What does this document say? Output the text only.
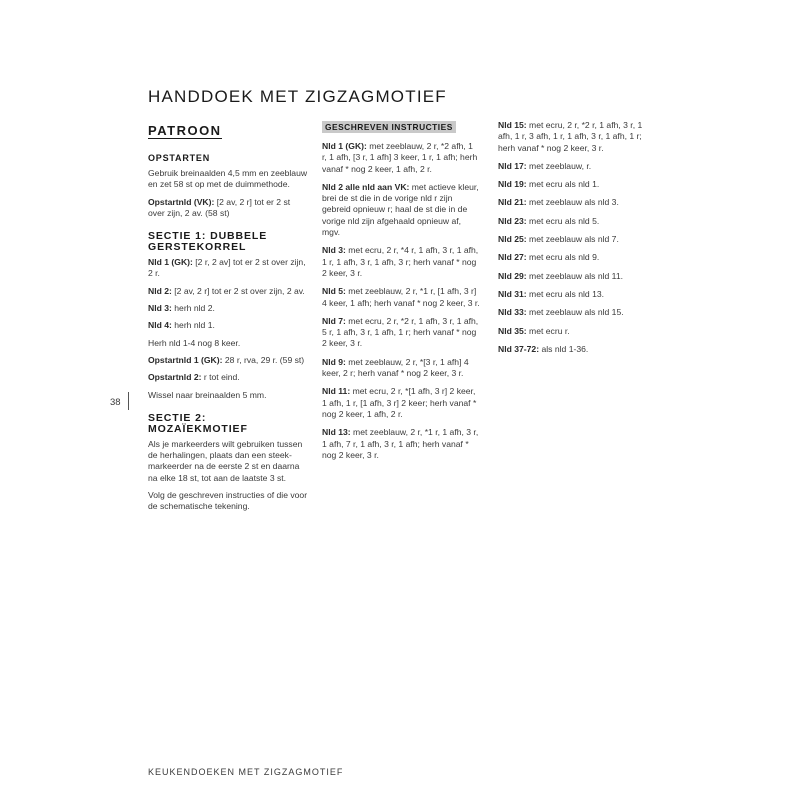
HANDDOEK MET ZIGZAGMOTIEF
PATROON
OPSTARTEN
Gebruik breinaalden 4,5 mm en zeeblauw en zet 58 st op met de duimmethode.
Opstartnld (VK): [2 av, 2 r] tot er 2 st over zijn, 2 av. (58 st)
SECTIE 1: DUBBELE GERSTEKORREL
Nld 1 (GK): [2 r, 2 av] tot er 2 st over zijn, 2 r.
Nld 2: [2 av, 2 r] tot er 2 st over zijn, 2 av.
Nld 3: herh nld 2.
Nld 4: herh nld 1.
Herh nld 1-4 nog 8 keer.
Opstartnld 1 (GK): 28 r, rva, 29 r. (59 st)
Opstartnld 2: r tot eind.
Wissel naar breinaalden 5 mm.
SECTIE 2: MOZAÏEKMOTIEF
Als je markeerders wilt gebruiken tussen de herhalingen, plaats dan een steek-markeerder na de eerste 2 st en daarna na elke 18 st, tot aan de laatste 3 st.
Volg de geschreven instructies of die voor de schematische tekening.
GESCHREVEN INSTRUCTIES
Nld 1 (GK): met zeeblauw, 2 r, *2 afh, 1 r, 1 afh, [3 r, 1 afh] 3 keer, 1 r, 1 afh; herh vanaf * nog 2 keer, 1 afh, 2 r.
Nld 2 alle nld aan VK: met actieve kleur, brei de st die in de vorige nld r zijn gebreid opnieuw r; haal de st die in de vorige nld zijn afgehaald opnieuw af, mgv.
Nld 3: met ecru, 2 r, *4 r, 1 afh, 3 r, 1 afh, 1 r, 1 afh, 3 r, 1 afh, 3 r; herh vanaf * nog 2 keer, 3 r.
Nld 5: met zeeblauw, 2 r, *1 r, [1 afh, 3 r] 4 keer, 1 afh; herh vanaf * nog 2 keer, 3 r.
Nld 7: met ecru, 2 r, *2 r, 1 afh, 3 r, 1 afh, 5 r, 1 afh, 3 r, 1 afh, 1 r; herh vanaf * nog 2 keer, 3 r.
Nld 9: met zeeblauw, 2 r, *[3 r, 1 afh] 4 keer, 2 r; herh vanaf * nog 2 keer, 3 r.
Nld 11: met ecru, 2 r, *[1 afh, 3 r] 2 keer, 1 afh, 1 r, [1 afh, 3 r] 2 keer; herh vanaf * nog 2 keer, 1 afh, 2 r.
Nld 13: met zeeblauw, 2 r, *1 r, 1 afh, 3 r, 1 afh, 7 r, 1 afh, 3 r, 1 afh; herh vanaf * nog 2 keer, 3 r.
Nld 15: met ecru, 2 r, *2 r, 1 afh, 3 r, 1 afh, 1 r, 3 afh, 1 r, 1 afh, 3 r, 1 afh, 1 r; herh vanaf * nog 2 keer, 3 r.
Nld 17: met zeeblauw, r.
Nld 19: met ecru als nld 1.
Nld 21: met zeeblauw als nld 3.
Nld 23: met ecru als nld 5.
Nld 25: met zeeblauw als nld 7.
Nld 27: met ecru als nld 9.
Nld 29: met zeeblauw als nld 11.
Nld 31: met ecru als nld 13.
Nld 33: met zeeblauw als nld 15.
Nld 35: met ecru r.
Nld 37-72: als nld 1-36.
38
KEUKENDOEKEN MET ZIGZAGMOTIEF
